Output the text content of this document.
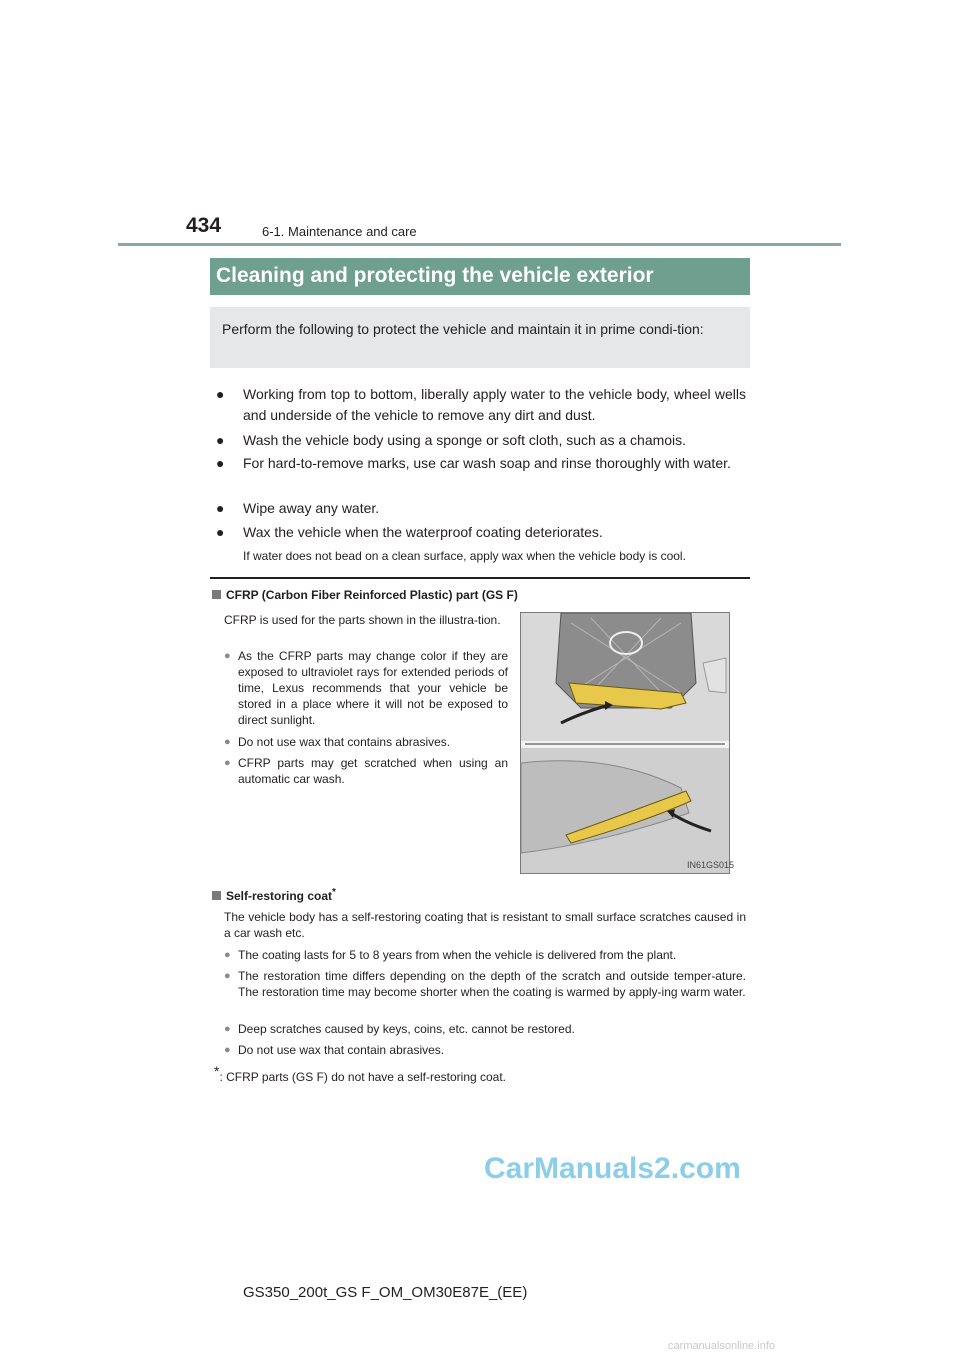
434	6-1. Maintenance and care
Cleaning and protecting the vehicle exterior
Perform the following to protect the vehicle and maintain it in prime condi-tion:
● Working from top to bottom, liberally apply water to the vehicle body, wheel wells and underside of the vehicle to remove any dirt and dust.
● Wash the vehicle body using a sponge or soft cloth, such as a chamois.
● For hard-to-remove marks, use car wash soap and rinse thoroughly with water.
● Wipe away any water.
● Wax the vehicle when the waterproof coating deteriorates.
If water does not bead on a clean surface, apply wax when the vehicle body is cool.
CFRP (Carbon Fiber Reinforced Plastic) part (GS F)
CFRP is used for the parts shown in the illustra-tion.
● As the CFRP parts may change color if they are exposed to ultraviolet rays for extended periods of time, Lexus recommends that your vehicle be stored in a place where it will not be exposed to direct sunlight.
● Do not use wax that contains abrasives.
● CFRP parts may get scratched when using an automatic car wash.
IN61GS015
Self-restoring coat*
The vehicle body has a self-restoring coating that is resistant to small surface scratches caused in a car wash etc.
● The coating lasts for 5 to 8 years from when the vehicle is delivered from the plant.
● The restoration time differs depending on the depth of the scratch and outside temper-ature. The restoration time may become shorter when the coating is warmed by apply-ing warm water.
● Deep scratches caused by keys, coins, etc. cannot be restored.
● Do not use wax that contain abrasives.
*: CFRP parts (GS F) do not have a self-restoring coat.
CarManuals2.com
GS350_200t_GS F_OM_OM30E87E_(EE)
carmanualsonline.info
